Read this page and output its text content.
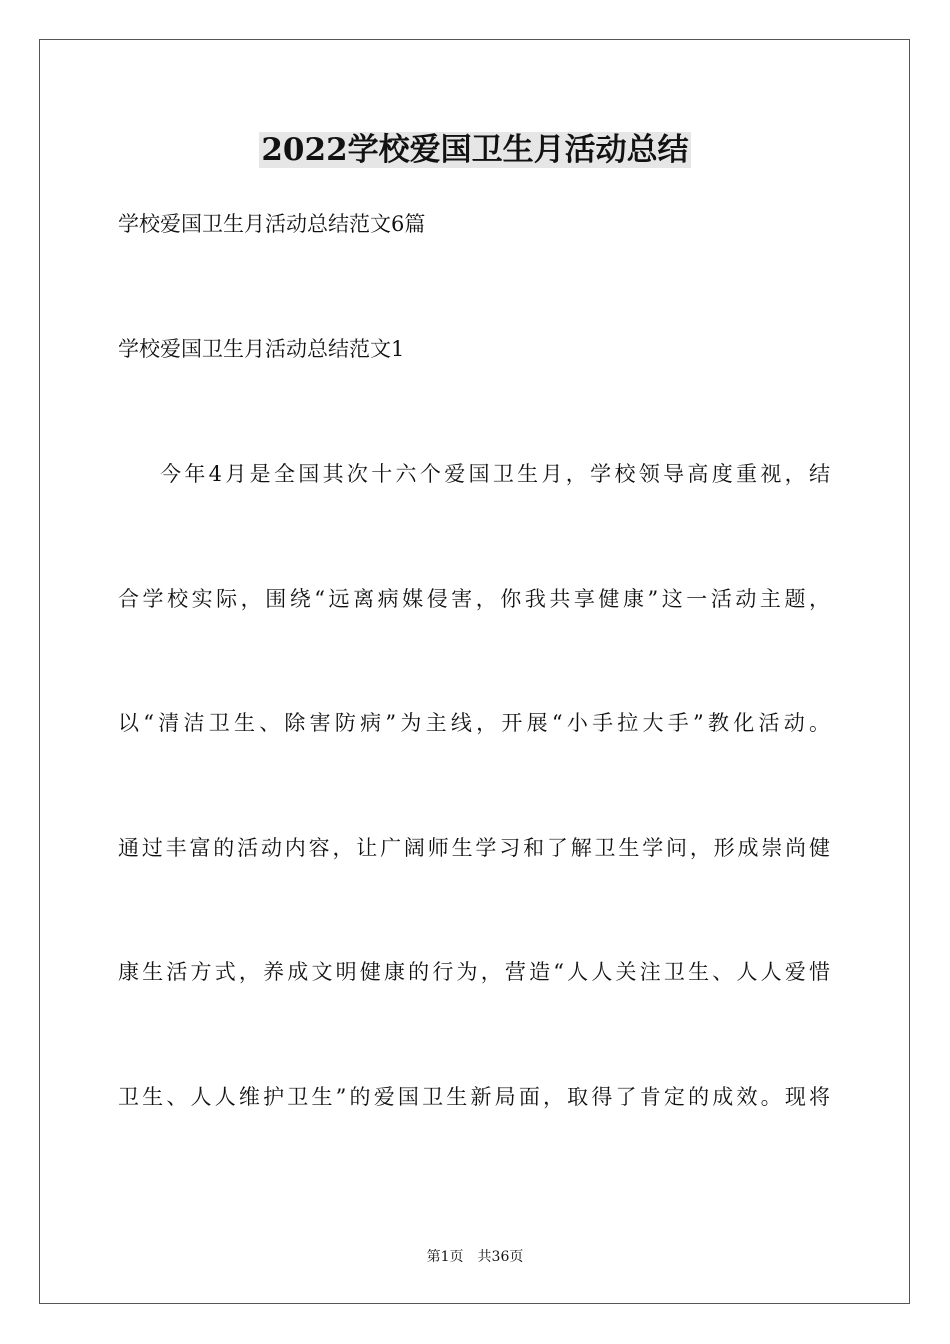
2022学校爱国卫生月活动总结

学校爱国卫生月活动总结范文6篇

学校爱国卫生月活动总结范文1

今年4月是全国其次十六个爱国卫生月，学校领导高度重视，结

合学校实际，围绕“远离病媒侵害，你我共享健康”这一活动主题，

以“清洁卫生、除害防病”为主线，开展“小手拉大手”教化活动。

通过丰富的活动内容，让广阔师生学习和了解卫生学问，形成崇尚健

康生活方式，养成文明健康的行为，营造“人人关注卫生、人人爱惜

卫生、人人维护卫生”的爱国卫生新局面，取得了肯定的成效。现将

第1页 共36页
